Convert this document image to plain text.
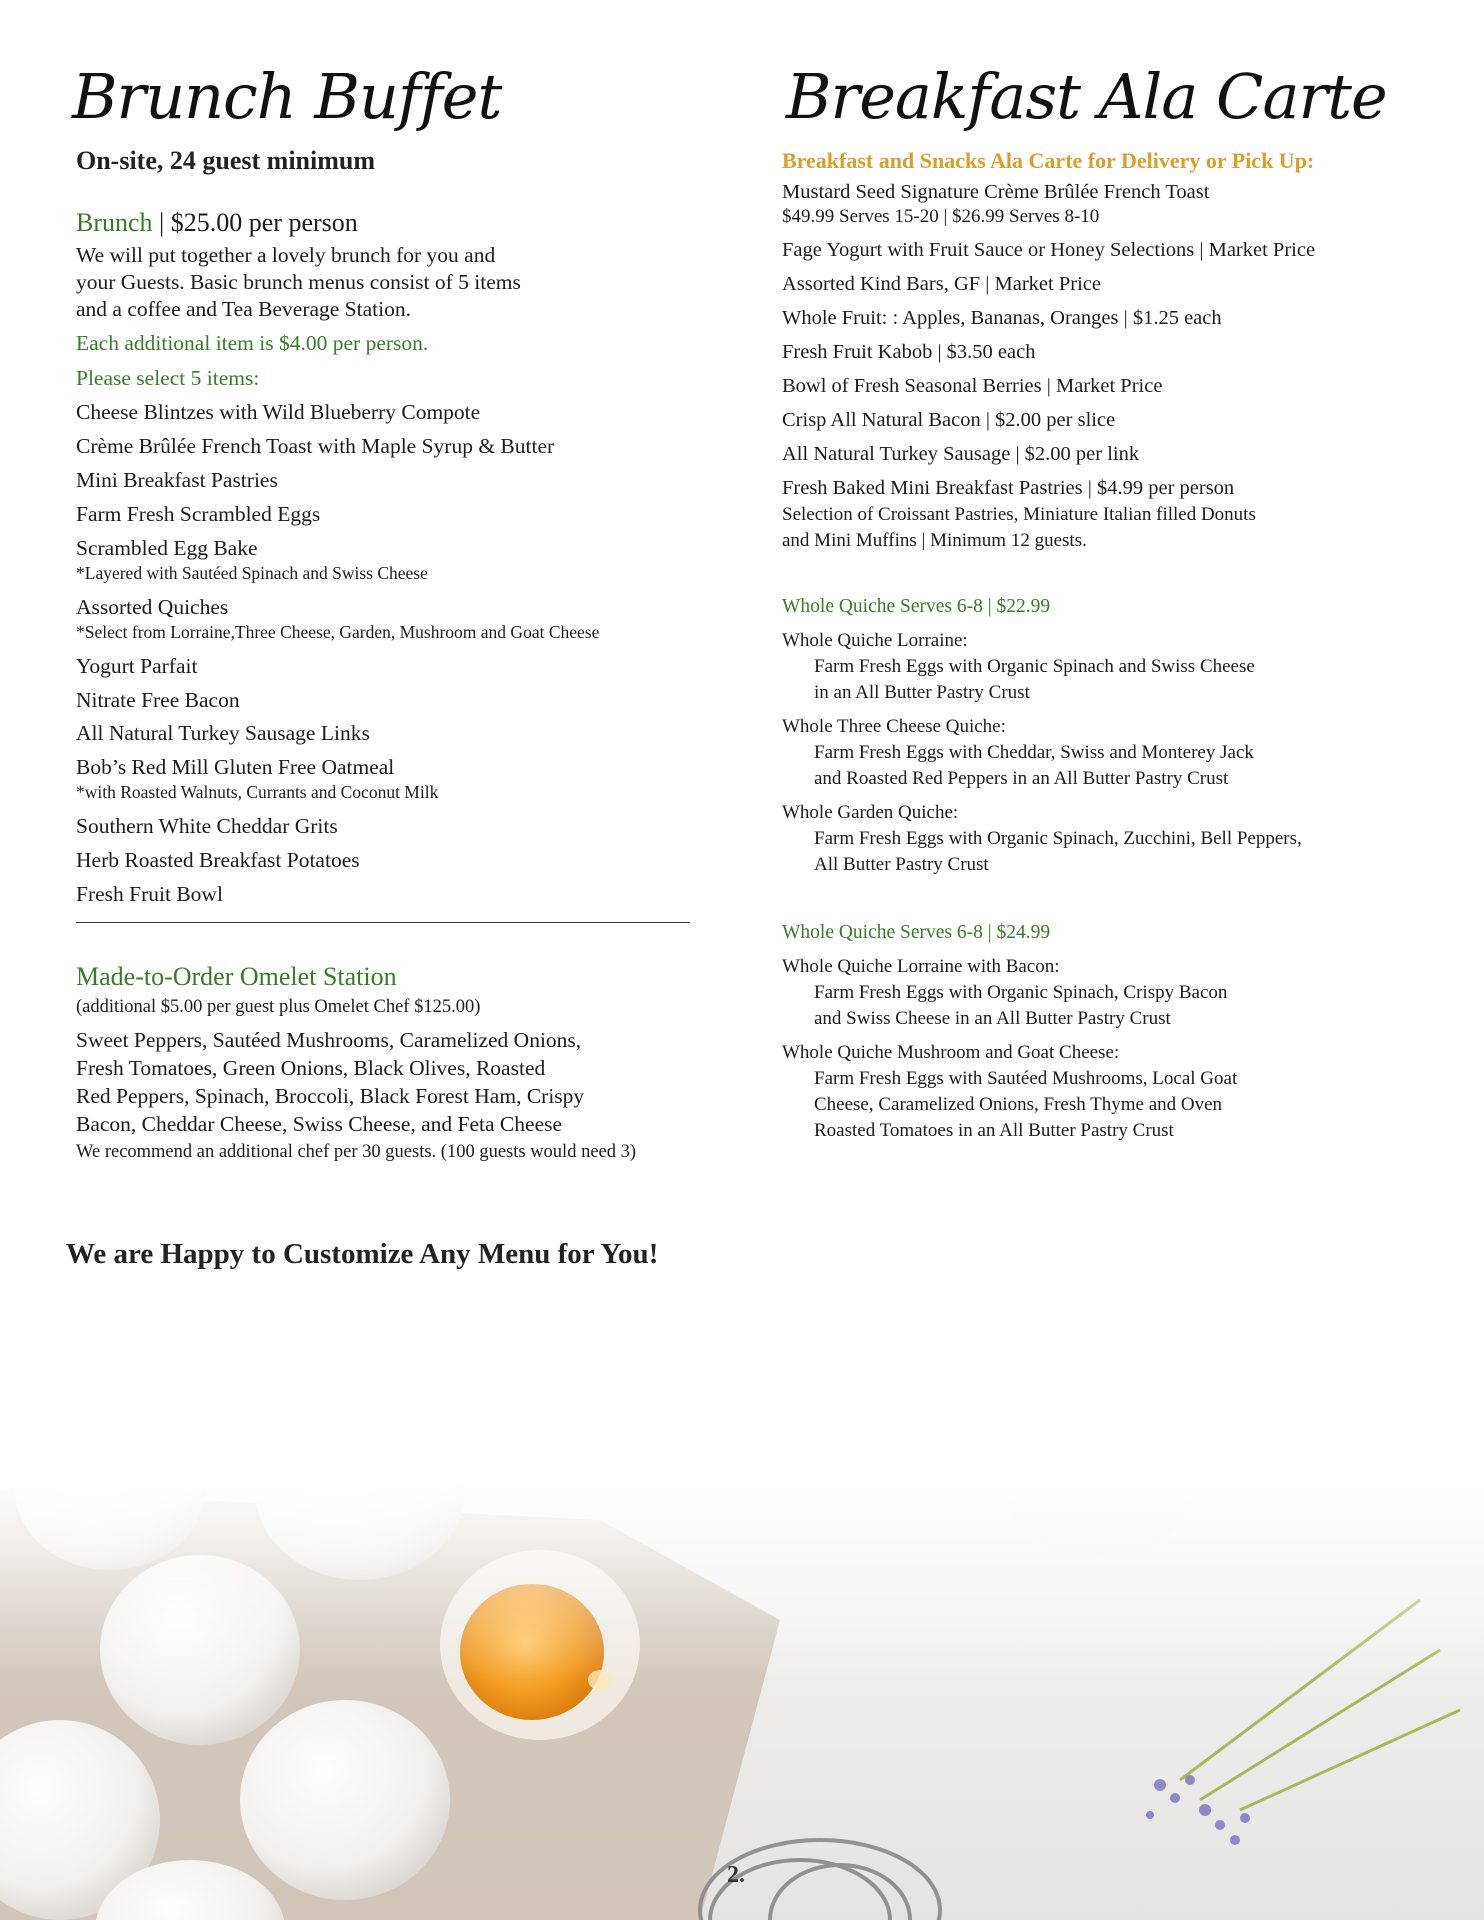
Brunch Buffet
On-site, 24 guest minimum
Brunch | $25.00 per person
We will put together a lovely brunch for you and
your Guests. Basic brunch menus consist of 5 items
and a coffee and Tea Beverage Station.
Each additional item is $4.00 per person.
Please select 5 items:
Cheese Blintzes with Wild Blueberry Compote
Crème Brûlée French Toast with Maple Syrup & Butter
Mini Breakfast Pastries
Farm Fresh Scrambled Eggs
Scrambled Egg Bake
*Layered with Sautéed Spinach and Swiss Cheese
Assorted Quiches
*Select from Lorraine,Three Cheese, Garden, Mushroom and Goat Cheese
Yogurt Parfait
Nitrate Free Bacon
All Natural Turkey Sausage Links
Bob’s Red Mill Gluten Free Oatmeal
*with Roasted Walnuts, Currants and Coconut Milk
Southern White Cheddar Grits
Herb Roasted Breakfast Potatoes
Fresh Fruit Bowl
Made-to-Order Omelet Station
(additional $5.00 per guest plus Omelet Chef $125.00)
Sweet Peppers, Sautéed Mushrooms, Caramelized Onions,
Fresh Tomatoes, Green Onions, Black Olives, Roasted
Red Peppers, Spinach, Broccoli, Black Forest Ham, Crispy
Bacon, Cheddar Cheese, Swiss Cheese, and Feta Cheese
We recommend an additional chef per 30 guests. (100 guests would need 3)
We are Happy to Customize Any Menu for You!
Breakfast Ala Carte
Breakfast and Snacks Ala Carte for Delivery or Pick Up:
Mustard Seed Signature Crème Brûlée French Toast
$49.99 Serves 15-20 | $26.99 Serves 8-10
Fage Yogurt with Fruit Sauce or Honey Selections | Market Price
Assorted Kind Bars, GF | Market Price
Whole Fruit: : Apples, Bananas, Oranges | $1.25 each
Fresh Fruit Kabob | $3.50 each
Bowl of Fresh Seasonal Berries | Market Price
Crisp All Natural Bacon | $2.00 per slice
All Natural Turkey Sausage | $2.00 per link
Fresh Baked Mini Breakfast Pastries | $4.99 per person
Selection of Croissant Pastries, Miniature Italian filled Donuts
and Mini Muffins | Minimum 12 guests.
Whole Quiche Serves 6-8 | $22.99
Whole Quiche Lorraine:
Farm Fresh Eggs with Organic Spinach and Swiss Cheese
in an All Butter Pastry Crust
Whole Three Cheese Quiche:
Farm Fresh Eggs with Cheddar, Swiss and Monterey Jack
and Roasted Red Peppers in an All Butter Pastry Crust
Whole Garden Quiche:
Farm Fresh Eggs with Organic Spinach, Zucchini, Bell Peppers,
All Butter Pastry Crust
Whole Quiche Serves 6-8 | $24.99
Whole Quiche Lorraine with Bacon:
Farm Fresh Eggs with Organic Spinach, Crispy Bacon
and Swiss Cheese in an All Butter Pastry Crust
Whole Quiche Mushroom and Goat Cheese:
Farm Fresh Eggs with Sautéed Mushrooms, Local Goat
Cheese, Caramelized Onions, Fresh Thyme and Oven
Roasted Tomatoes in an All Butter Pastry Crust
2.
